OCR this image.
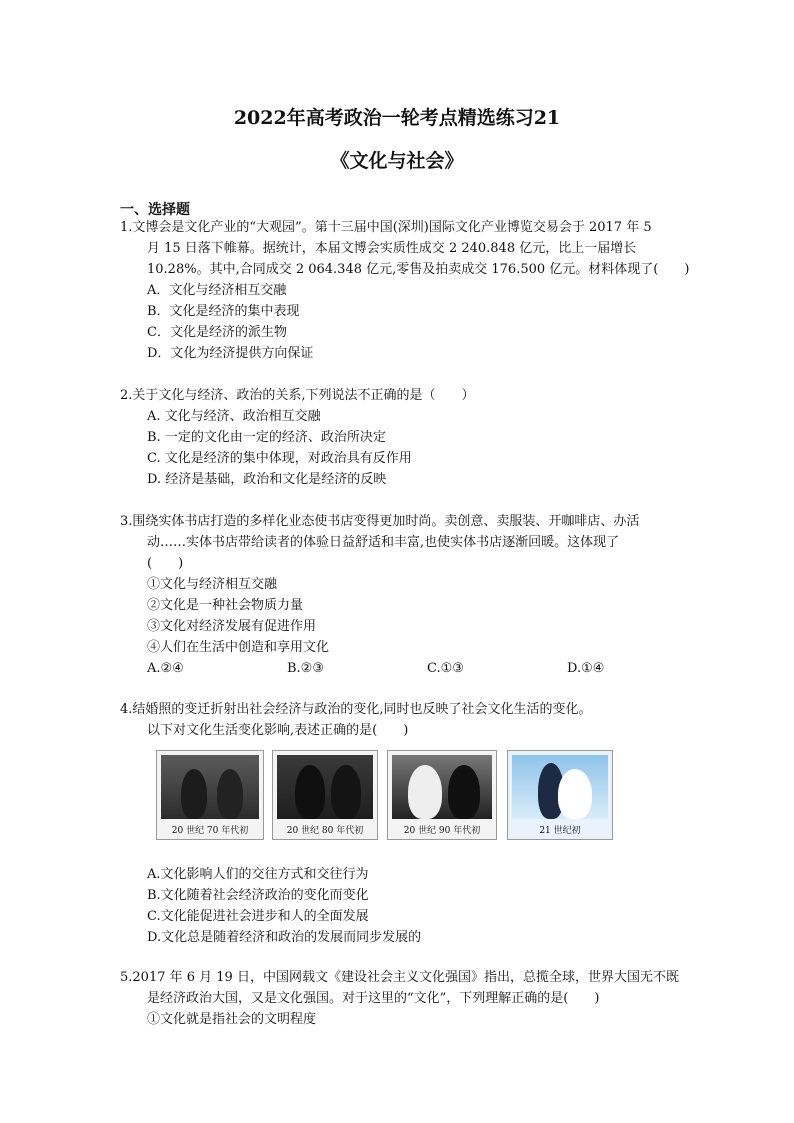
2022年高考政治一轮考点精选练习21
《文化与社会》
一、选择题
1.文博会是文化产业的“大观园”。第十三届中国(深圳)国际文化产业博览交易会于 2017 年 5
月 15 日落下帷幕。据统计，本届文博会实质性成交 2 240.848 亿元，比上一届增长
10.28%。其中,合同成交 2 064.348 亿元,零售及拍卖成交 176.500 亿元。材料体现了(　　)
A．文化与经济相互交融
B．文化是经济的集中表现
C．文化是经济的派生物
D．文化为经济提供方向保证
2.关于文化与经济、政治的关系,下列说法不正确的是（　　）
A. 文化与经济、政治相互交融
B. 一定的文化由一定的经济、政治所决定
C. 文化是经济的集中体现，对政治具有反作用
D. 经济是基础，政治和文化是经济的反映
3.围绕实体书店打造的多样化业态使书店变得更加时尚。卖创意、卖服装、开咖啡店、办活
动……实体书店带给读者的体验日益舒适和丰富,也使实体书店逐渐回暖。这体现了
(　　)
①文化与经济相互交融
②文化是一种社会物质力量
③文化对经济发展有促进作用
④人们在生活中创造和享用文化
A.②④	B.②③	C.①③	D.①④
4.结婚照的变迁折射出社会经济与政治的变化,同时也反映了社会文化生活的变化。
以下对文化生活变化影响,表述正确的是(　　)
20 世纪 70 年代初	20 世纪 80 年代初	20 世纪 90 年代初	21 世纪初
A.文化影响人们的交往方式和交往行为
B.文化随着社会经济政治的变化而变化
C.文化能促进社会进步和人的全面发展
D.文化总是随着经济和政治的发展而同步发展的
5.2017 年 6 月 19 日，中国网载文《建设社会主义文化强国》指出，总揽全球，世界大国无不既
是经济政治大国，又是文化强国。对于这里的“文化”，下列理解正确的是(　　)
①文化就是指社会的文明程度
